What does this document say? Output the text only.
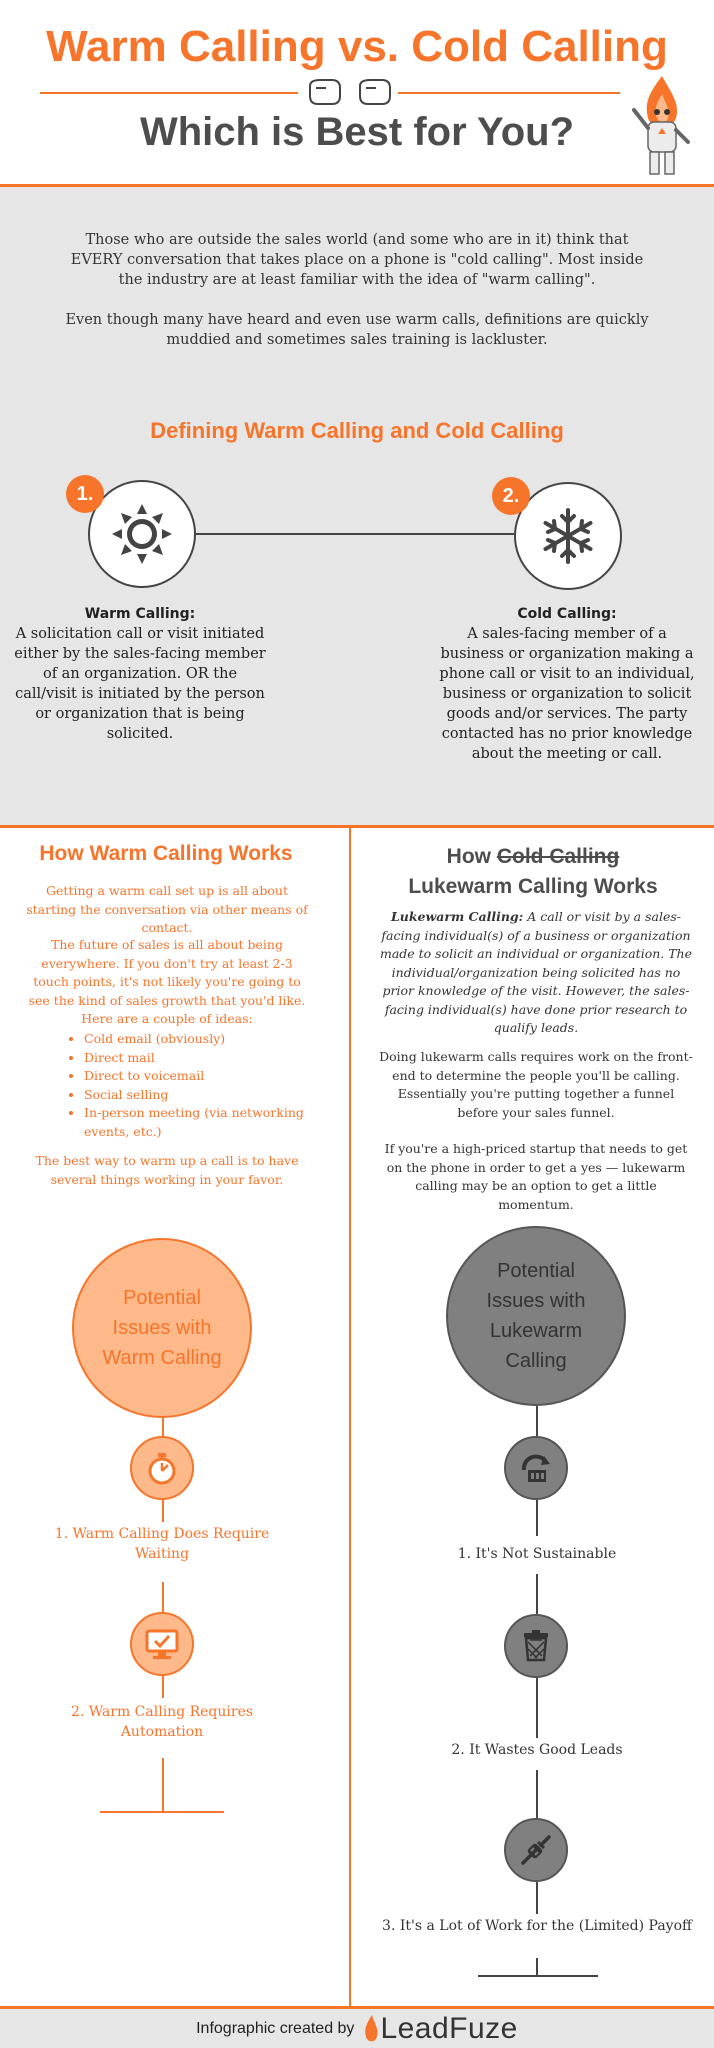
Warm Calling vs. Cold Calling
Which is Best for You?
Those who are outside the sales world (and some who are in it) think that EVERY conversation that takes place on a phone is "cold calling". Most inside the industry are at least familiar with the idea of "warm calling".
Even though many have heard and even use warm calls, definitions are quickly muddied and sometimes sales training is lackluster.
Defining Warm Calling and Cold Calling
1.	2.
Warm Calling:
A solicitation call or visit initiated either by the sales-facing member of an organization. OR the call/visit is initiated by the person or organization that is being solicited.
Cold Calling:
A sales-facing member of a business or organization making a phone call or visit to an individual, business or organization to solicit goods and/or services. The party contacted has no prior knowledge about the meeting or call.
How Warm Calling Works
Getting a warm call set up is all about starting the conversation via other means of contact.
The future of sales is all about being everywhere. If you don't try at least 2-3 touch points, it's not likely you're going to see the kind of sales growth that you'd like.
Here are a couple of ideas:
• Cold email (obviously)
• Direct mail
• Direct to voicemail
• Social selling
• In-person meeting (via networking events, etc.)
The best way to warm up a call is to have several things working in your favor.
Potential Issues with Warm Calling
1. Warm Calling Does Require Waiting
2. Warm Calling Requires Automation
How Cold Calling
Lukewarm Calling Works
Lukewarm Calling: A call or visit by a sales-facing individual(s) of a business or organization made to solicit an individual or organization. The individual/organization being solicited has no prior knowledge of the visit. However, the sales-facing individual(s) have done prior research to qualify leads.
Doing lukewarm calls requires work on the front-end to determine the people you'll be calling. Essentially you're putting together a funnel before your sales funnel.
If you're a high-priced startup that needs to get on the phone in order to get a yes — lukewarm calling may be an option to get a little momentum.
Potential Issues with Lukewarm Calling
1. It's Not Sustainable
2. It Wastes Good Leads
3. It's a Lot of Work for the (Limited) Payoff
Infographic created by LeadFuze
